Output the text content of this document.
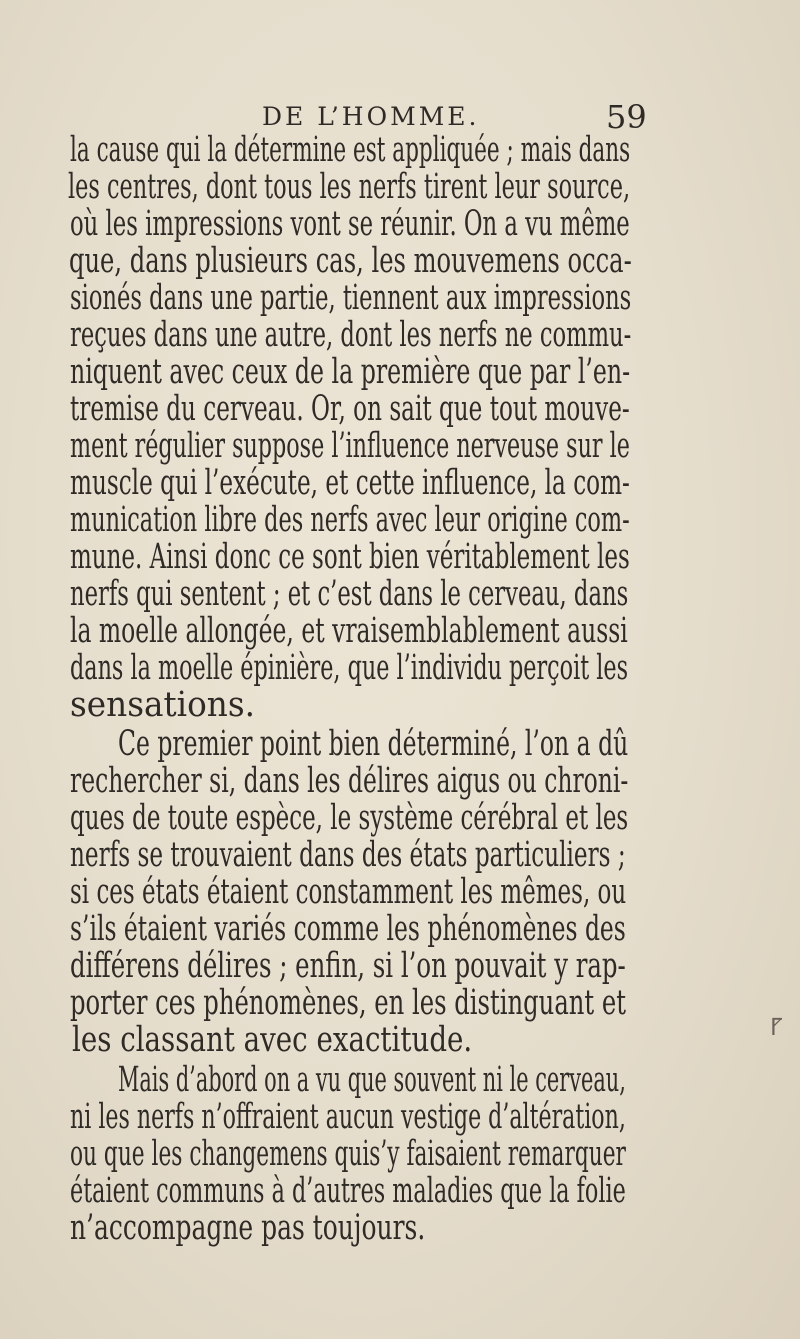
DE L’HOMME.	59
la cause qui la détermine est appliquée ; mais dans
les centres, dont tous les nerfs tirent leur source,
où les impressions vont se réunir. On a vu même
que, dans plusieurs cas, les mouvemens occa-
sionés dans une partie, tiennent aux impressions
reçues dans une autre, dont les nerfs ne commu-
niquent avec ceux de la première que par l’en-
tremise du cerveau. Or, on sait que tout mouve-
ment régulier suppose l’influence nerveuse sur le
muscle qui l’exécute, et cette influence, la com-
munication libre des nerfs avec leur origine com-
mune. Ainsi donc ce sont bien véritablement les
nerfs qui sentent ; et c’est dans le cerveau, dans
la moelle allongée, et vraisemblablement aussi
dans la moelle épinière, que l’individu perçoit les
sensations.
Ce premier point bien déterminé, l’on a dû
rechercher si, dans les délires aigus ou chroni-
ques de toute espèce, le système cérébral et les
nerfs se trouvaient dans des états particuliers ;
si ces états étaient constamment les mêmes, ou
s’ils étaient variés comme les phénomènes des
différens délires ; enfin, si l’on pouvait y rap-
porter ces phénomènes, en les distinguant et
les classant avec exactitude.
Mais d’abord on a vu que souvent ni le cerveau,
ni les nerfs n’offraient aucun vestige d’altération,
ou que les changemens quis’y faisaient remarquer
étaient communs à d’autres maladies que la folie
n’accompagne pas toujours.
⹍
